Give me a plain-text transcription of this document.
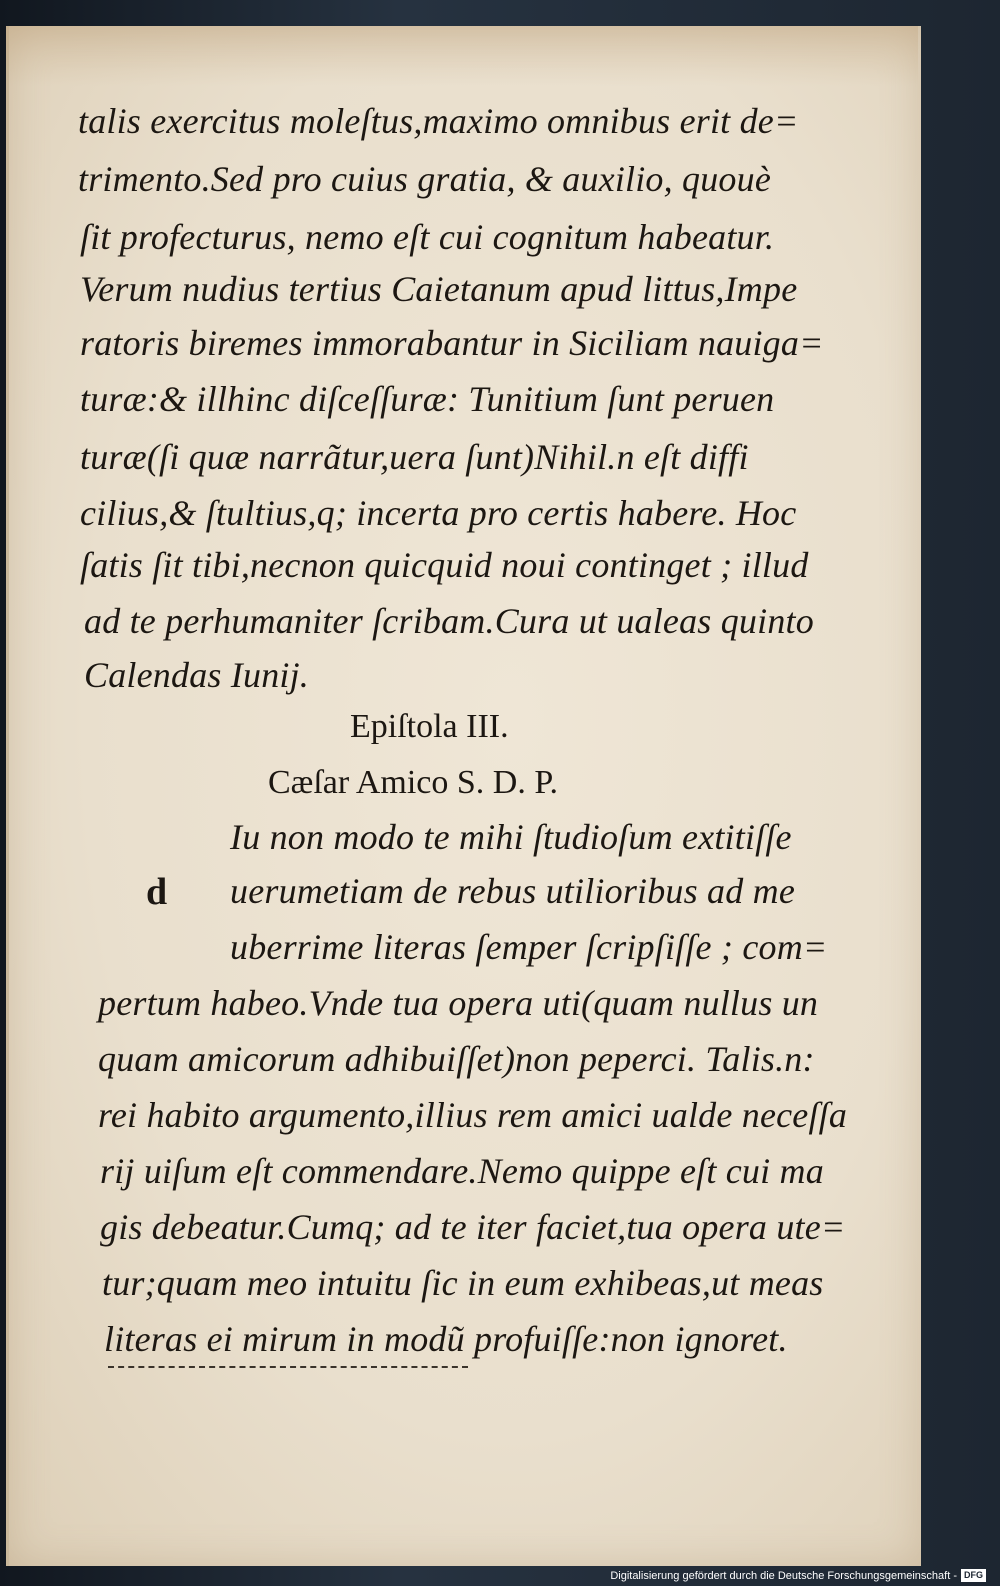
talis exercitus moleſtus,maximo omnibus erit de=
trimento.Sed pro cuius gratia, & auxilio, quouè
ſit profecturus, nemo eſt cui cognitum habeatur.
Verum nudius tertius Caietanum apud littus,Impe
ratoris biremes immorabantur in Siciliam nauiga=
turæ:& illhinc diſceſſuræ: Tunitium ſunt peruen
turæ(ſi quæ narrãtur,uera ſunt)Nihil.n eſt diffi
cilius,& ſtultius,q; incerta pro certis habere. Hoc
ſatis ſit tibi,necnon quicquid noui continget ; illud
ad te perhumaniter ſcribam.Cura ut ualeas quinto
Calendas Iunij.
Epiſtola III.
Cæſar Amico S. D. P.
d
Iu non modo te mihi ſtudioſum extitiſſe
uerumetiam de rebus utilioribus ad me
uberrime literas ſemper ſcripſiſſe ; com=
pertum habeo.Vnde tua opera uti(quam nullus un
quam amicorum adhibuiſſet)non peperci. Talis.n:
rei habito argumento,illius rem amici ualde neceſſa
rij uiſum eſt commendare.Nemo quippe eſt cui ma
gis debeatur.Cumq; ad te iter faciet,tua opera ute=
tur;quam meo intuitu ſic in eum exhibeas,ut meas
literas ei mirum in modũ profuiſſe:non ignoret.
Digitalisierung gefördert durch die Deutsche Forschungsgemeinschaft - DFG
